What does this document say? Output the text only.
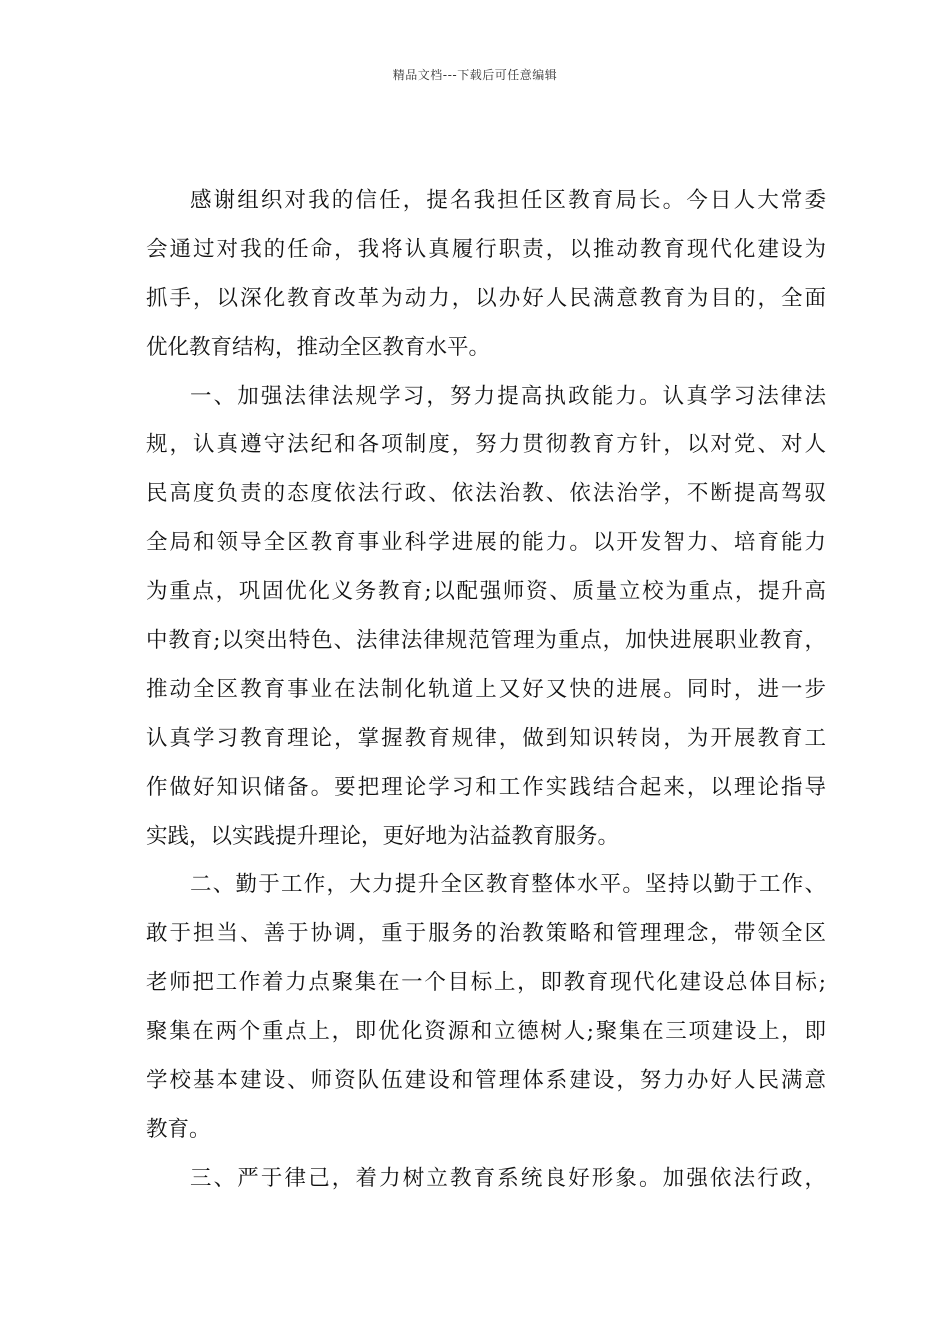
精品文档---下载后可任意编辑
感谢组织对我的信任，提名我担任区教育局长。今日人大常委
会通过对我的任命，我将认真履行职责，以推动教育现代化建设为
抓手，以深化教育改革为动力，以办好人民满意教育为目的，全面
优化教育结构，推动全区教育水平。
一、加强法律法规学习，努力提高执政能力。认真学习法律法
规，认真遵守法纪和各项制度，努力贯彻教育方针，以对党、对人
民高度负责的态度依法行政、依法治教、依法治学，不断提高驾驭
全局和领导全区教育事业科学进展的能力。以开发智力、培育能力
为重点，巩固优化义务教育;以配强师资、质量立校为重点，提升高
中教育;以突出特色、法律法律规范管理为重点，加快进展职业教育，
推动全区教育事业在法制化轨道上又好又快的进展。同时，进一步
认真学习教育理论，掌握教育规律，做到知识转岗，为开展教育工
作做好知识储备。要把理论学习和工作实践结合起来，以理论指导
实践，以实践提升理论，更好地为沾益教育服务。
二、勤于工作，大力提升全区教育整体水平。坚持以勤于工作、
敢于担当、善于协调，重于服务的治教策略和管理理念，带领全区
老师把工作着力点聚集在一个目标上，即教育现代化建设总体目标;
聚集在两个重点上，即优化资源和立德树人;聚集在三项建设上，即
学校基本建设、师资队伍建设和管理体系建设，努力办好人民满意
教育。
三、严于律己，着力树立教育系统良好形象。加强依法行政，
